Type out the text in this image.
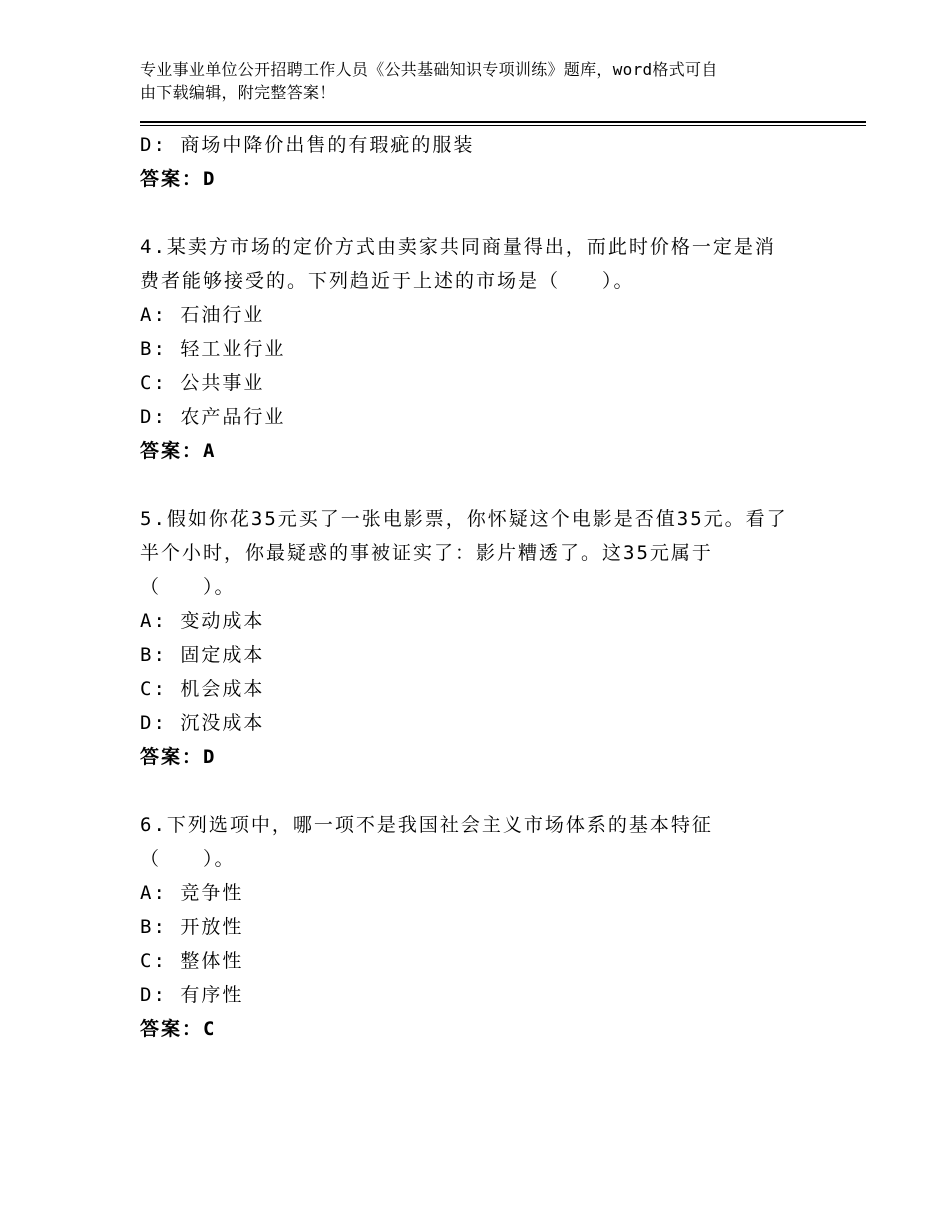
专业事业单位公开招聘工作人员《公共基础知识专项训练》题库，word格式可自
由下载编辑，附完整答案！
D: 商场中降价出售的有瑕疵的服装
答案：D
4.某卖方市场的定价方式由卖家共同商量得出，而此时价格一定是消
费者能够接受的。下列趋近于上述的市场是（　　）。
A: 石油行业
B: 轻工业行业
C: 公共事业
D: 农产品行业
答案：A
5.假如你花35元买了一张电影票，你怀疑这个电影是否值35元。看了
半个小时，你最疑惑的事被证实了：影片糟透了。这35元属于
（　　）。
A: 变动成本
B: 固定成本
C: 机会成本
D: 沉没成本
答案：D
6.下列选项中，哪一项不是我国社会主义市场体系的基本特征
（　　）。
A: 竞争性
B: 开放性
C: 整体性
D: 有序性
答案：C
